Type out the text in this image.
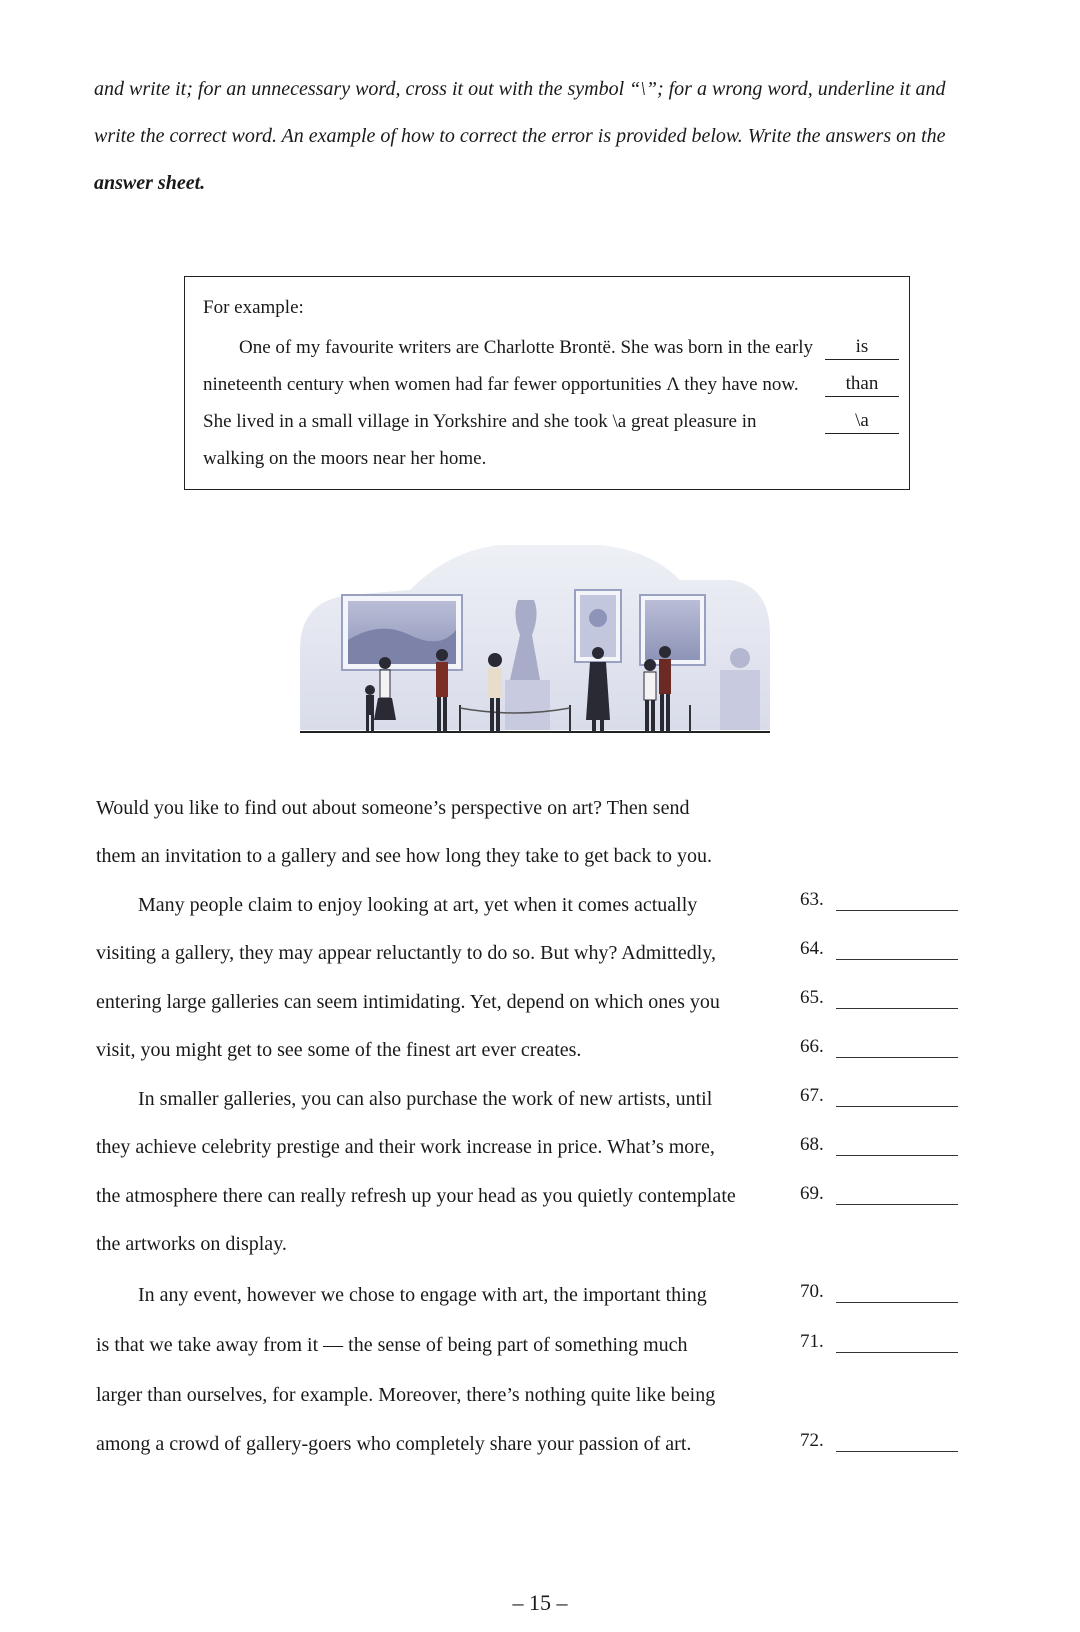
and write it; for an unnecessary word, cross it out with the symbol “\”; for a wrong word, underline it and
write the correct word. An example of how to correct the error is provided below. Write the answers on the
answer sheet.
For example:
One of my favourite writers are Charlotte Brontë. She was born in the early
nineteenth century when women had far fewer opportunities Λ they have now.
She lived in a small village in Yorkshire and she took \a great pleasure in
walking on the moors near her home.
is
than
\a
Would you like to find out about someone’s perspective on art? Then send
them an invitation to a gallery and see how long they take to get back to you.
Many people claim to enjoy looking at art, yet when it comes actually
visiting a gallery, they may appear reluctantly to do so. But why? Admittedly,
entering large galleries can seem intimidating. Yet, depend on which ones you
visit, you might get to see some of the finest art ever creates.
In smaller galleries, you can also purchase the work of new artists, until
they achieve celebrity prestige and their work increase in price. What’s more,
the atmosphere there can really refresh up your head as you quietly contemplate
the artworks on display.
In any event, however we chose to engage with art, the important thing
is that we take away from it — the sense of being part of something much
larger than ourselves, for example. Moreover, there’s nothing quite like being
among a crowd of gallery-goers who completely share your passion of art.
63.
64.
65.
66.
67.
68.
69.
70.
71.
72.
– 15 –
